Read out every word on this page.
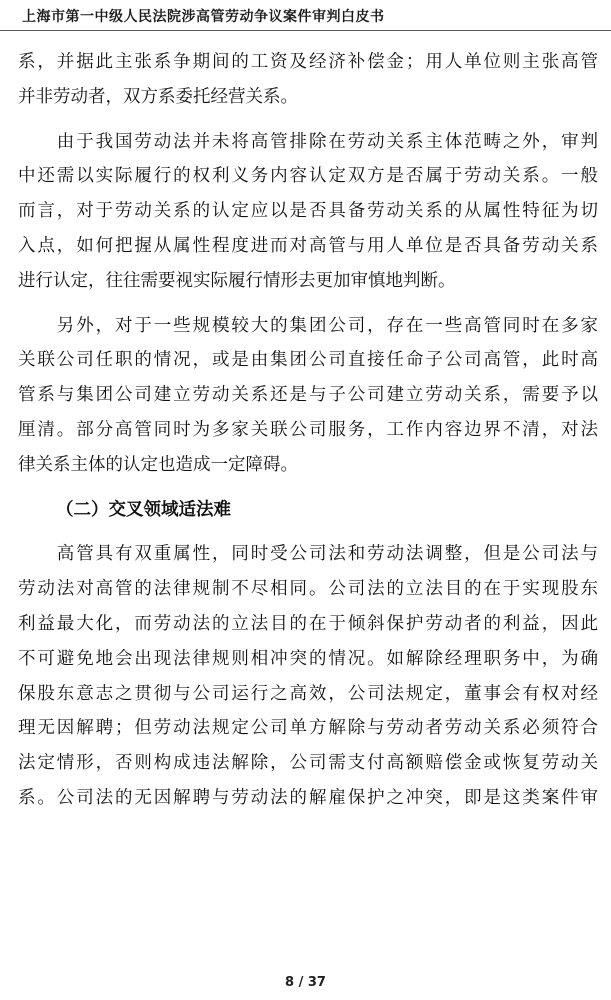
上海市第一中级人民法院涉高管劳动争议案件审判白皮书
系，并据此主张系争期间的工资及经济补偿金；用人单位则主张高管
并非劳动者，双方系委托经营关系。
　　由于我国劳动法并未将高管排除在劳动关系主体范畴之外，审判
中还需以实际履行的权利义务内容认定双方是否属于劳动关系。一般
而言，对于劳动关系的认定应以是否具备劳动关系的从属性特征为切
入点，如何把握从属性程度进而对高管与用人单位是否具备劳动关系
进行认定，往往需要视实际履行情形去更加审慎地判断。
　　另外，对于一些规模较大的集团公司，存在一些高管同时在多家
关联公司任职的情况，或是由集团公司直接任命子公司高管，此时高
管系与集团公司建立劳动关系还是与子公司建立劳动关系，需要予以
厘清。部分高管同时为多家关联公司服务，工作内容边界不清，对法
律关系主体的认定也造成一定障碍。
（二）交叉领域适法难
　　高管具有双重属性，同时受公司法和劳动法调整，但是公司法与
劳动法对高管的法律规制不尽相同。公司法的立法目的在于实现股东
利益最大化，而劳动法的立法目的在于倾斜保护劳动者的利益，因此
不可避免地会出现法律规则相冲突的情况。如解除经理职务中，为确
保股东意志之贯彻与公司运行之高效，公司法规定，董事会有权对经
理无因解聘；但劳动法规定公司单方解除与劳动者劳动关系必须符合
法定情形，否则构成违法解除，公司需支付高额赔偿金或恢复劳动关
系。公司法的无因解聘与劳动法的解雇保护之冲突，即是这类案件审
8 / 37
